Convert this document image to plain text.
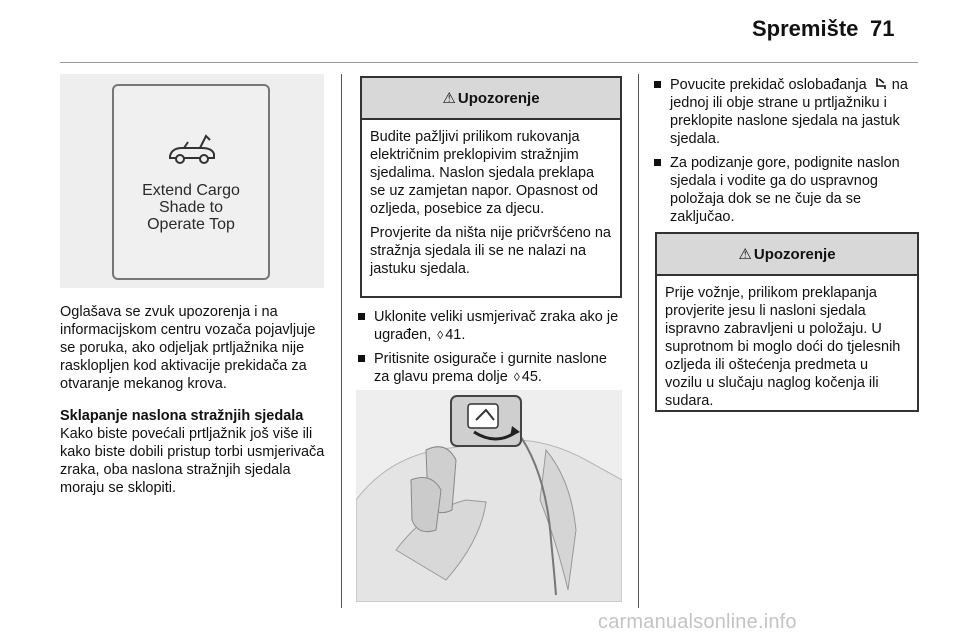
Spremište 71
Extend Cargo
Shade to
Operate Top

Oglašava se zvuk upozorenja i na informacijskom centru vozača pojavljuje se poruka, ako odjeljak prtljažnika nije rasklopljen kod aktivacije prekidača za otvaranje mekanog krova.

Sklapanje naslona stražnjih sjedala

Kako biste povećali prtljažnik još više ili kako biste dobili pristup torbi usmjerivača zraka, oba naslona stražnjih sjedala moraju se sklopiti.

⚠ Upozorenje

Budite pažljivi prilikom rukovanja električnim preklopivim stražnjim sjedalima. Naslon sjedala preklapa se uz zamjetan napor. Opasnost od ozljeda, posebice za djecu.

Provjerite da ništa nije pričvršćeno na stražnja sjedala ili se ne nalazi na jastuku sjedala.

Uklonite veliki usmjerivač zraka ako je ugrađen, ◊ 41.
Pritisnite osigurače i gurnite naslone za glavu prema dolje ◊ 45.
Povucite prekidač oslobađanja na jednoj ili obje strane u prtljažniku i preklopite naslone sjedala na jastuk sjedala.
Za podizanje gore, podignite naslon sjedala i vodite ga do uspravnog položaja dok se ne čuje da se zaključao.
⚠ Upozorenje

Prije vožnje, prilikom preklapanja provjerite jesu li nasloni sjedala ispravno zabravljeni u položaju. U suprotnom bi moglo doći do tjelesnih ozljeda ili oštećenja predmeta u vozilu u slučaju naglog kočenja ili sudara.

carmanualsonline.info
